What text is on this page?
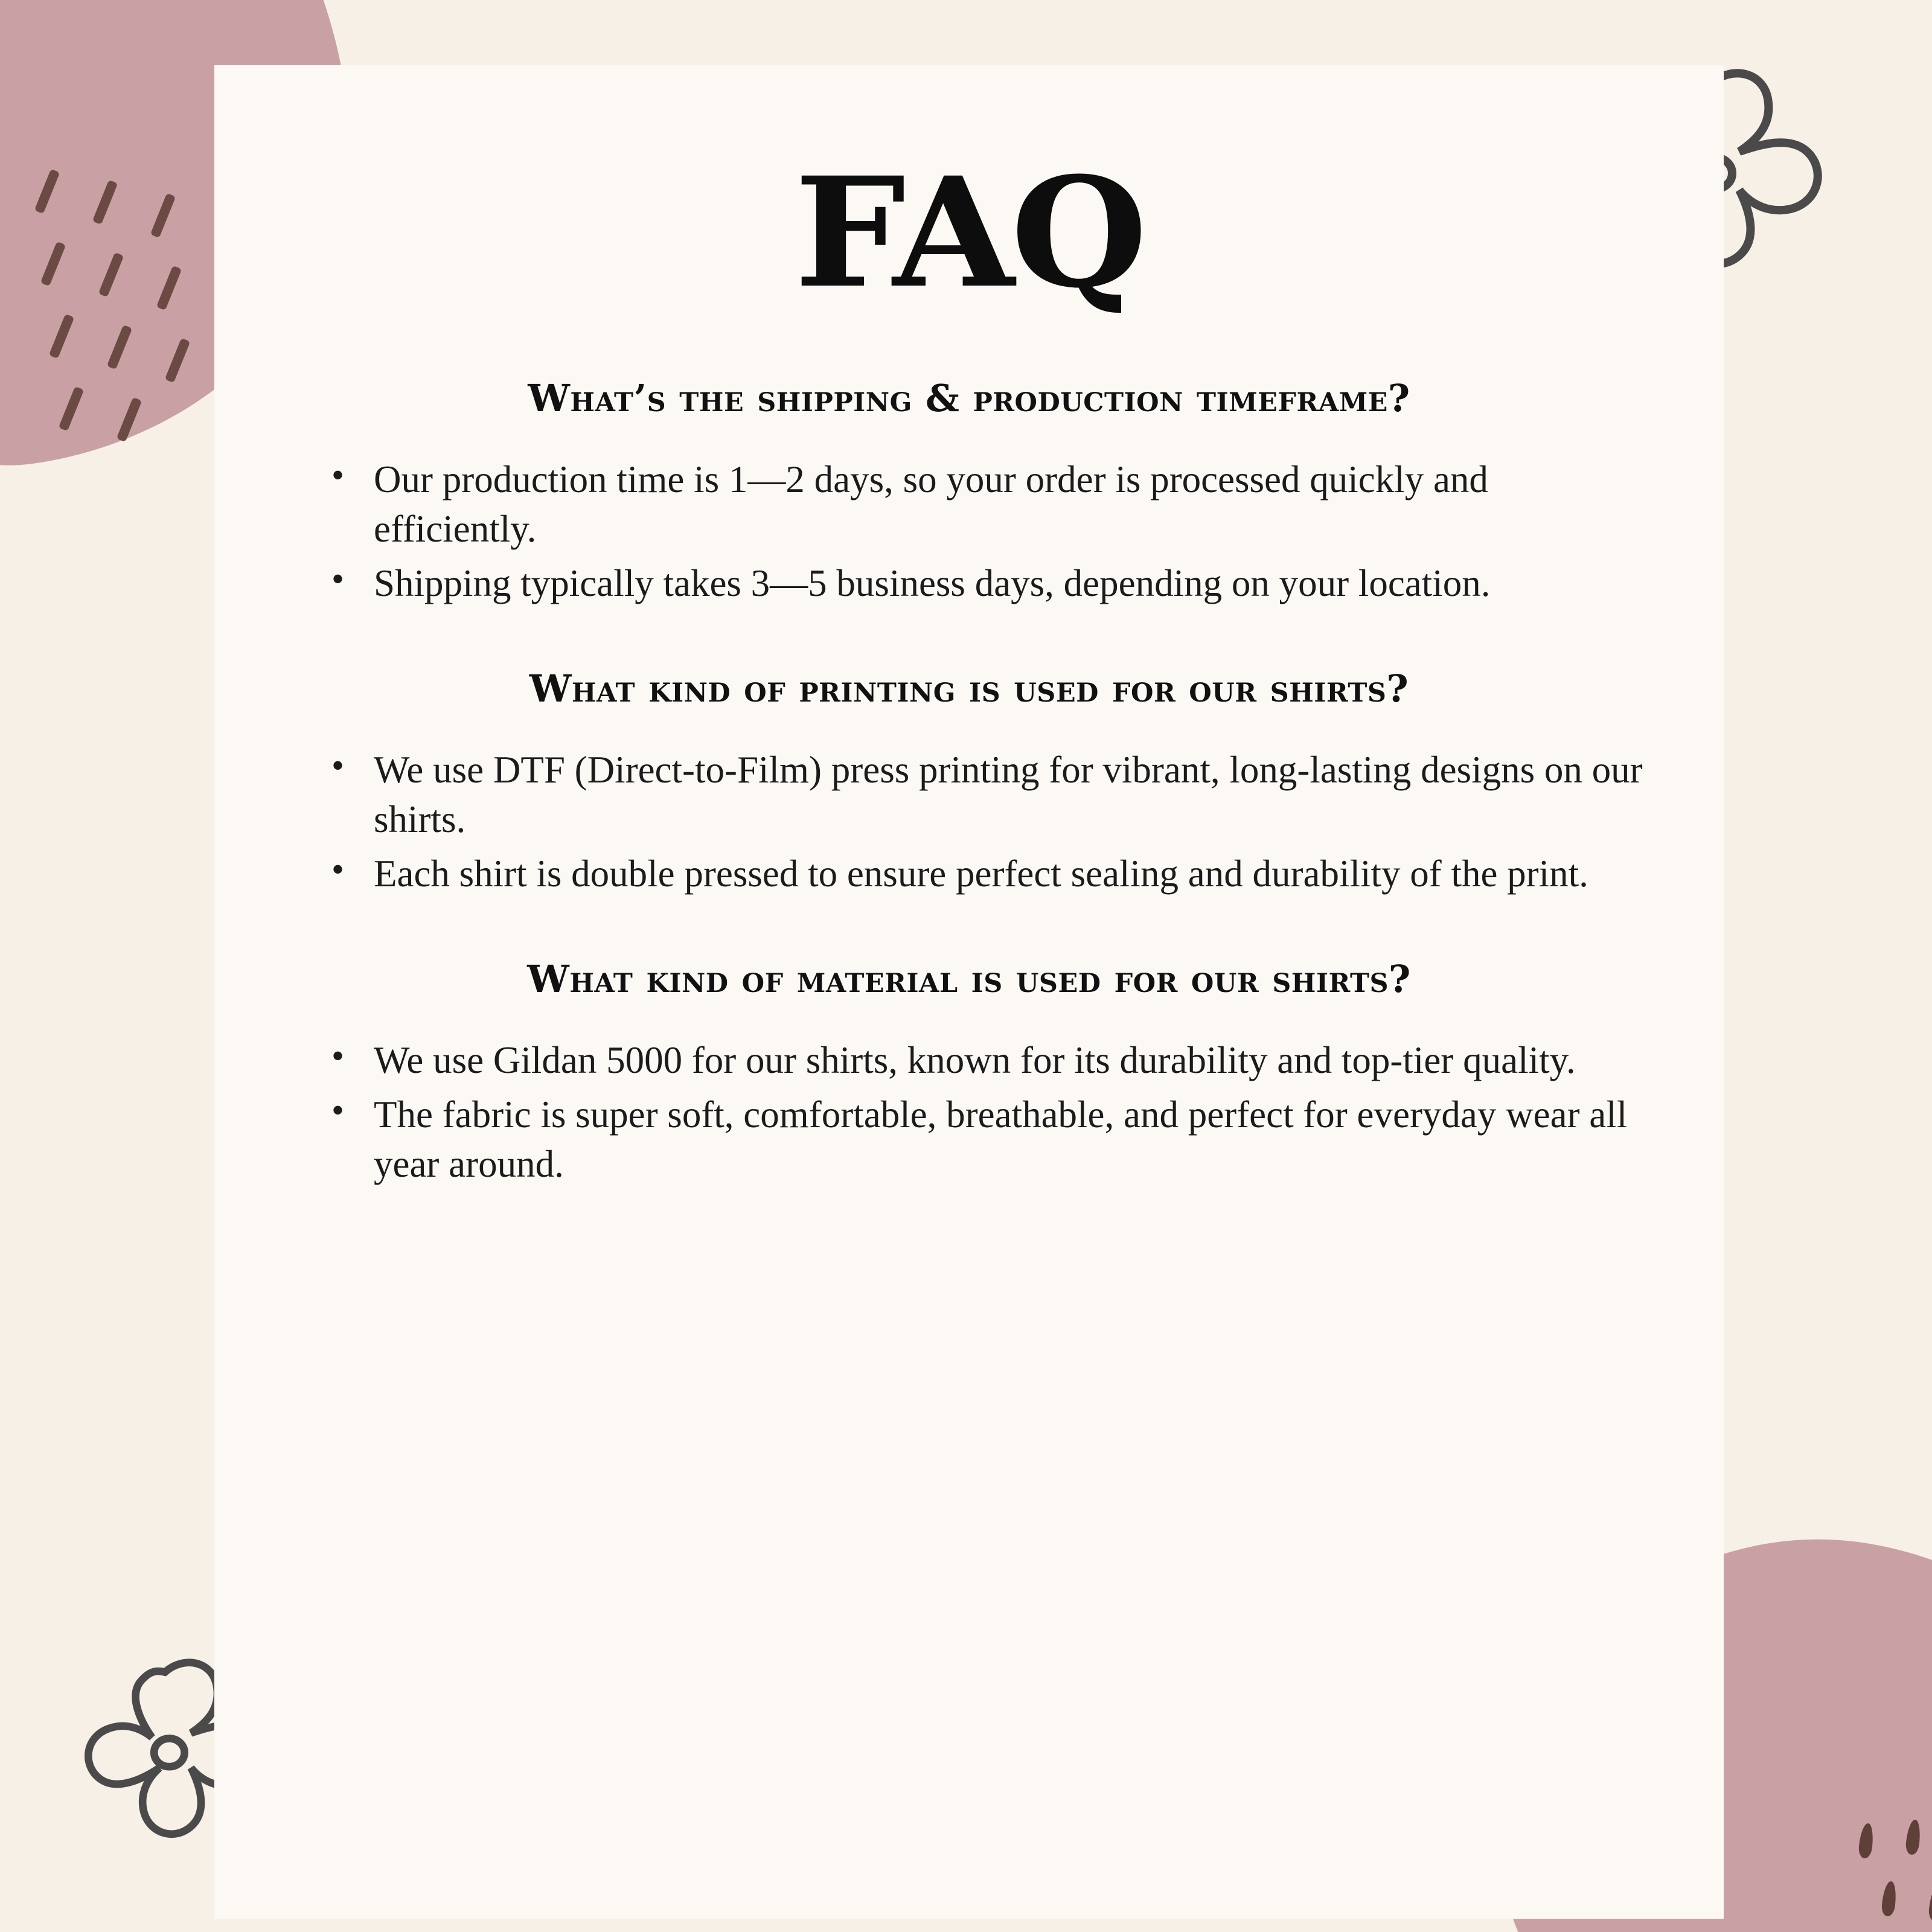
FAQ
What’s the shipping & production timeframe?
• Our production time is 1—2 days, so your order is processed quickly and efficiently.
• Shipping typically takes 3—5 business days, depending on your location.
What kind of printing is used for our shirts?
• We use DTF (Direct-to-Film) press printing for vibrant, long-lasting designs on our shirts.
• Each shirt is double pressed to ensure perfect sealing and durability of the print.
What kind of material is used for our shirts?
• We use Gildan 5000 for our shirts, known for its durability and top-tier quality.
• The fabric is super soft, comfortable, breathable, and perfect for everyday wear all year around.
